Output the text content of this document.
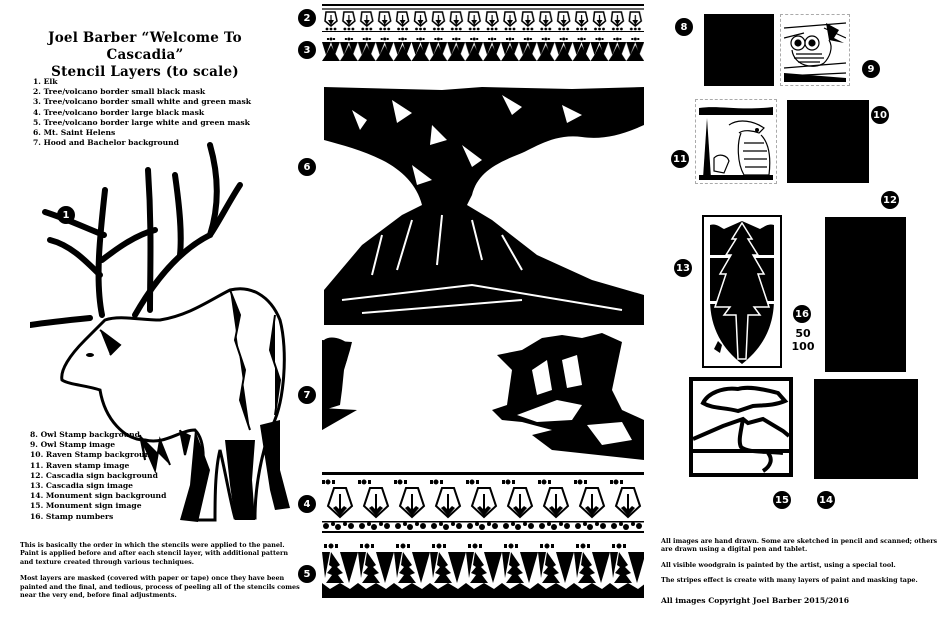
Joel Barber “Welcome To Cascadia”
Stencil Layers (to scale)
1. Elk
2. Tree/volcano border small black mask
3. Tree/volcano border small white and green mask
4. Tree/volcano border large black mask
5. Tree/volcano border large white and green mask
6. Mt. Saint Helens
7. Hood and Bachelor background
1
8. Owl Stamp background
9. Owl Stamp image
10. Raven Stamp background
11. Raven stamp image
12. Cascadia sign background
13. Cascadia sign image
14. Monument sign background
15. Monument sign image
16. Stamp numbers

This is basically the order in which the stencils were applied to the panel. Paint is applied before and after each stencil layer, with additional pattern and texture created through various techniques.

Most layers are masked (covered with paper or tape) once they have been painted and the final, and tedious, process of peeling all of the stencils comes near the very end, before final adjustments.

2
3
6
7
4
5
8
9
11
10
13
12
16
50
100
15	14

All images are hand drawn. Some are sketched in pencil and scanned; others are drawn using a digital pen and tablet.

All visible woodgrain is painted by the artist, using a special tool.

The stripes effect is create with many layers of paint and masking tape.

All images Copyright Joel Barber 2015/2016
